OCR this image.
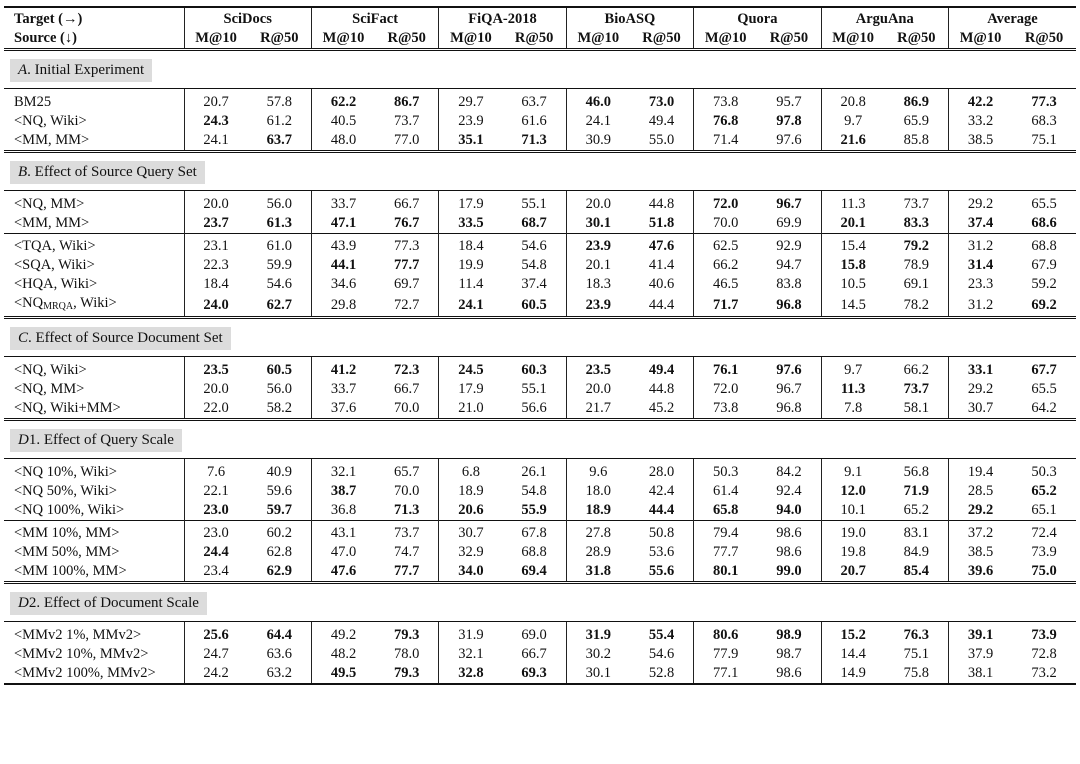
Target (→)	SciDocs		SciFact		FiQA-2018		BioASQ		Quora		ArguAna		Average	
Source (↓)	M@10	R@50	M@10	R@50	M@10	R@50	M@10	R@50	M@10	R@50	M@10	R@50	M@10	R@50
A. Initial Experiment														
BM25	20.7	57.8	62.2	86.7	29.7	63.7	46.0	73.0	73.8	95.7	20.8	86.9	42.2	77.3
<NQ, Wiki>	24.3	61.2	40.5	73.7	23.9	61.6	24.1	49.4	76.8	97.8	9.7	65.9	33.2	68.3
<MM, MM>	24.1	63.7	48.0	77.0	35.1	71.3	30.9	55.0	71.4	97.6	21.6	85.8	38.5	75.1
B. Effect of Source Query Set														
<NQ, MM>	20.0	56.0	33.7	66.7	17.9	55.1	20.0	44.8	72.0	96.7	11.3	73.7	29.2	65.5
<MM, MM>	23.7	61.3	47.1	76.7	33.5	68.7	30.1	51.8	70.0	69.9	20.1	83.3	37.4	68.6
<TQA, Wiki>	23.1	61.0	43.9	77.3	18.4	54.6	23.9	47.6	62.5	92.9	15.4	79.2	31.2	68.8
<SQA, Wiki>	22.3	59.9	44.1	77.7	19.9	54.8	20.1	41.4	66.2	94.7	15.8	78.9	31.4	67.9
<HQA, Wiki>	18.4	54.6	34.6	69.7	11.4	37.4	18.3	40.6	46.5	83.8	10.5	69.1	23.3	59.2
$<NQ_{MRQA}$, Wiki>	24.0	62.7	29.8	72.7	24.1	60.5	23.9	44.4	71.7	96.8	14.5	78.2	31.2	69.2
C. Effect of Source Document Set														
<NQ, Wiki>	23.5	60.5	41.2	72.3	24.5	60.3	23.5	49.4	76.1	97.6	9.7	66.2	33.1	67.7
<NQ, MM>	20.0	56.0	33.7	66.7	17.9	55.1	20.0	44.8	72.0	96.7	11.3	73.7	29.2	65.5
<NQ, Wiki+MM>	22.0	58.2	37.6	70.0	21.0	56.6	21.7	45.2	73.8	96.8	7.8	58.1	30.7	64.2
D1. Effect of Query Scale														
<NQ 10%, Wiki>	7.6	40.9	32.1	65.7	6.8	26.1	9.6	28.0	50.3	84.2	9.1	56.8	19.4	50.3
<NQ 50%, Wiki>	22.1	59.6	38.7	70.0	18.9	54.8	18.0	42.4	61.4	92.4	12.0	71.9	28.5	65.2
<NQ 100%, Wiki>	23.0	59.7	36.8	71.3	20.6	55.9	18.9	44.4	65.8	94.0	10.1	65.2	29.2	65.1
<MM 10%, MM>	23.0	60.2	43.1	73.7	30.7	67.8	27.8	50.8	79.4	98.6	19.0	83.1	37.2	72.4
<MM 50%, MM>	24.4	62.8	47.0	74.7	32.9	68.8	28.9	53.6	77.7	98.6	19.8	84.9	38.5	73.9
<MM 100%, MM>	23.4	62.9	47.6	77.7	34.0	69.4	31.8	55.6	80.1	99.0	20.7	85.4	39.6	75.0
D2. Effect of Document Scale														
<MMv2 1%, MMv2>	25.6	64.4	49.2	79.3	31.9	69.0	31.9	55.4	80.6	98.9	15.2	76.3	39.1	73.9
<MMv2 10%, MMv2>	24.7	63.6	48.2	78.0	32.1	66.7	30.2	54.6	77.9	98.7	14.4	75.1	37.9	72.8
<MMv2 100%, MMv2>	24.2	63.2	49.5	79.3	32.8	69.3	30.1	52.8	77.1	98.6	14.9	75.8	38.1	73.2
